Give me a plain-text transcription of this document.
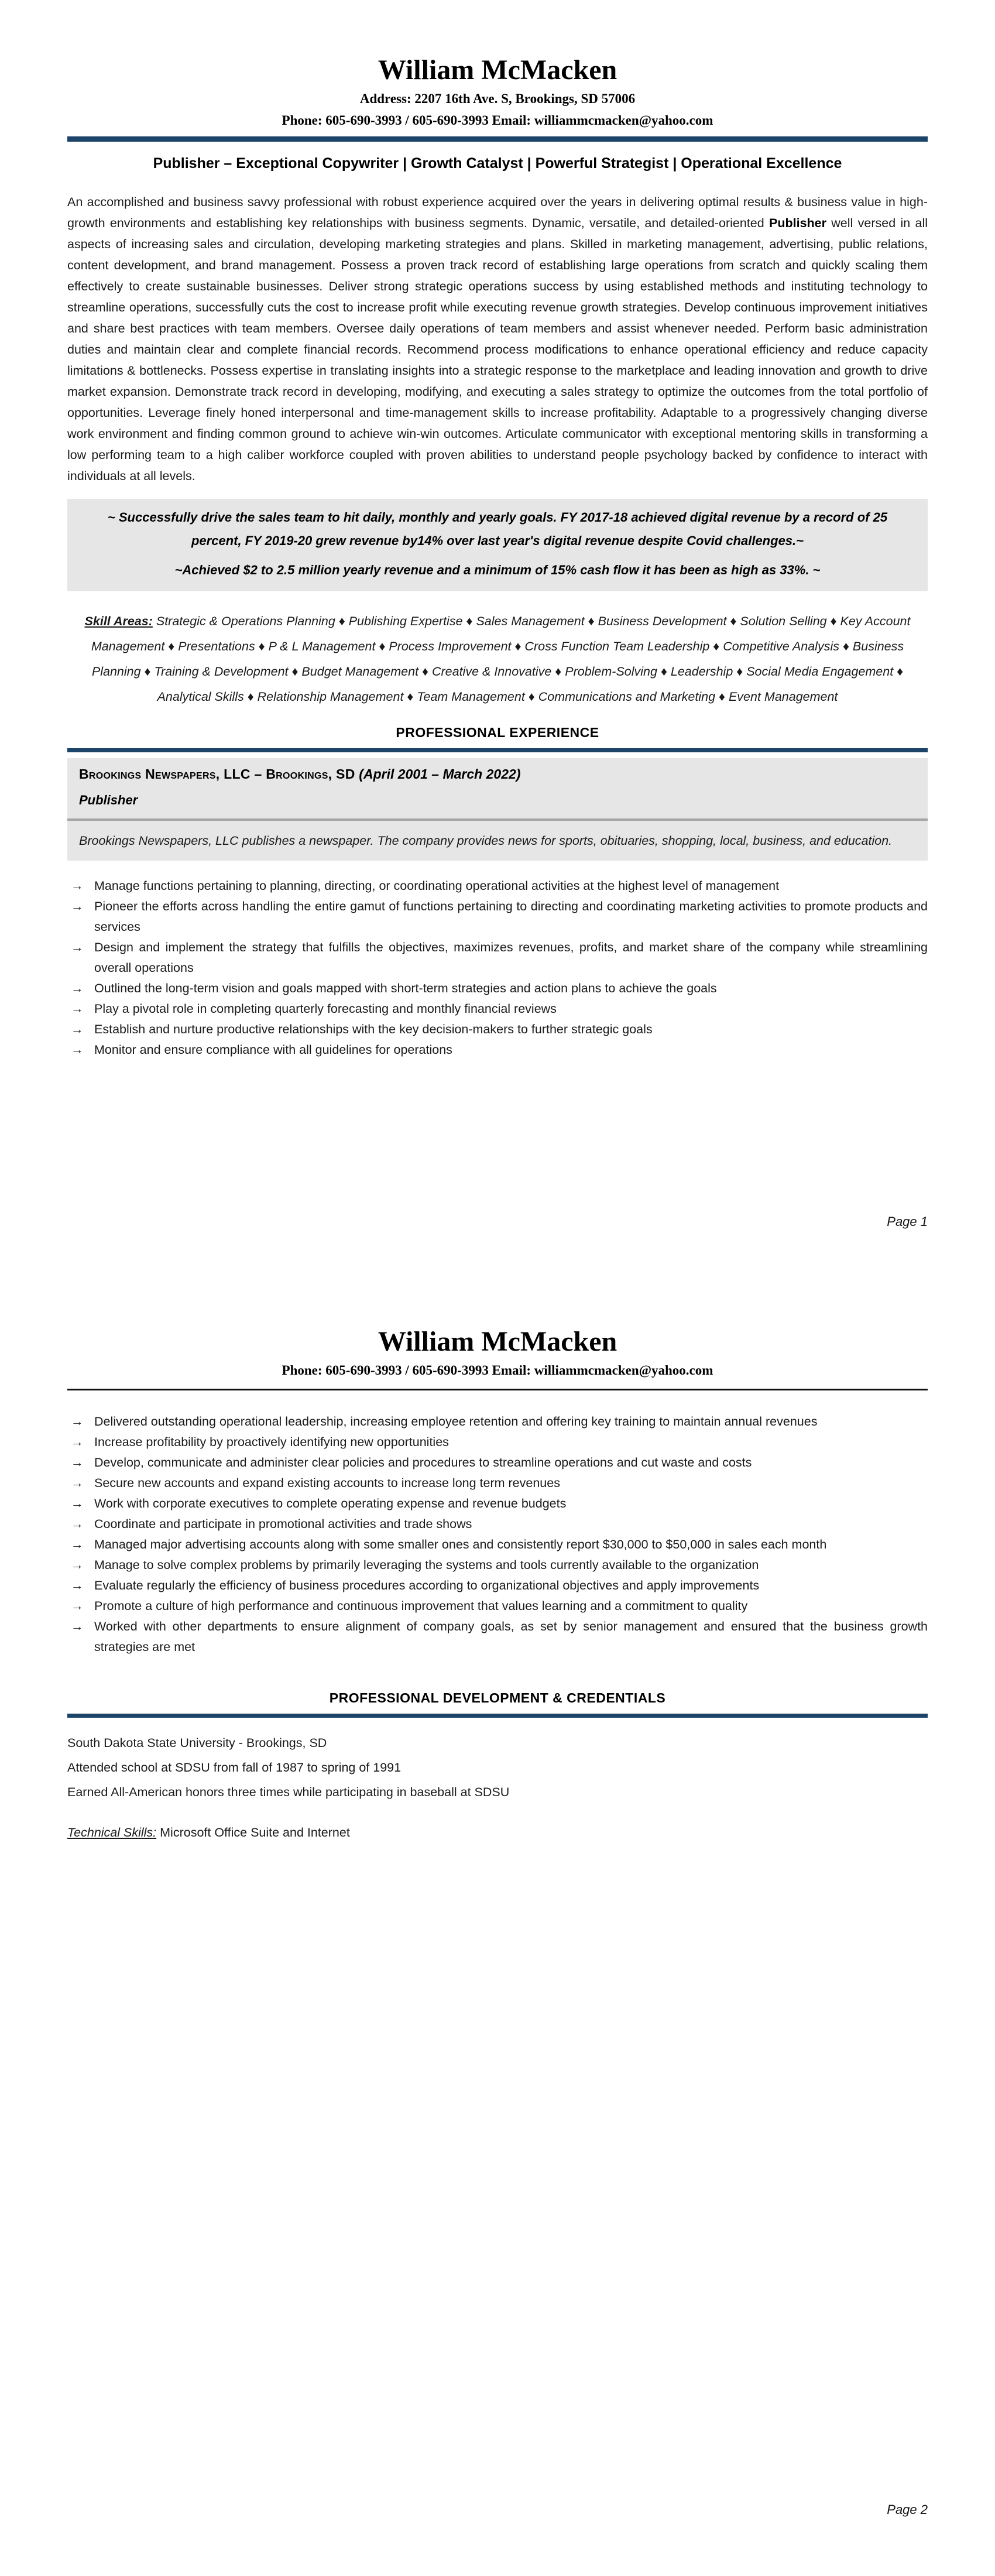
William McMacken
Address: 2207 16th Ave. S, Brookings, SD 57006
Phone: 605-690-3993 / 605-690-3993 Email: williammcmacken@yahoo.com
Publisher – Exceptional Copywriter | Growth Catalyst | Powerful Strategist | Operational Excellence

An accomplished and business savvy professional with robust experience acquired over the years in delivering optimal results & business value in high-growth environments and establishing key relationships with business segments. Dynamic, versatile, and detailed-oriented Publisher well versed in all aspects of increasing sales and circulation, developing marketing strategies and plans. Skilled in marketing management, advertising, public relations, content development, and brand management. Possess a proven track record of establishing large operations from scratch and quickly scaling them effectively to create sustainable businesses. Deliver strong strategic operations success by using established methods and instituting technology to streamline operations, successfully cuts the cost to increase profit while executing revenue growth strategies. Develop continuous improvement initiatives and share best practices with team members. Oversee daily operations of team members and assist whenever needed. Perform basic administration duties and maintain clear and complete financial records. Recommend process modifications to enhance operational efficiency and reduce capacity limitations & bottlenecks. Possess expertise in translating insights into a strategic response to the marketplace and leading innovation and growth to drive market expansion. Demonstrate track record in developing, modifying, and executing a sales strategy to optimize the outcomes from the total portfolio of opportunities. Leverage finely honed interpersonal and time-management skills to increase profitability. Adaptable to a progressively changing diverse work environment and finding common ground to achieve win-win outcomes. Articulate communicator with exceptional mentoring skills in transforming a low performing team to a high caliber workforce coupled with proven abilities to understand people psychology backed by confidence to interact with individuals at all levels.

~ Successfully drive the sales team to hit daily, monthly and yearly goals. FY 2017-18 achieved digital revenue by a record of 25 percent, FY 2019-20 grew revenue by14% over last year's digital revenue despite Covid challenges.~

~Achieved $2 to 2.5 million yearly revenue and a minimum of 15% cash flow it has been as high as 33%. ~

Skill Areas: Strategic & Operations Planning ♦ Publishing Expertise ♦ Sales Management ♦ Business Development ♦ Solution Selling ♦ Key Account Management ♦ Presentations ♦ P & L Management ♦ Process Improvement ♦ Cross Function Team Leadership ♦ Competitive Analysis ♦ Business Planning ♦ Training & Development ♦ Budget Management ♦ Creative & Innovative ♦ Problem-Solving ♦ Leadership ♦ Social Media Engagement ♦ Analytical Skills ♦ Relationship Management ♦ Team Management ♦ Communications and Marketing ♦ Event Management
PROFESSIONAL EXPERIENCE
Brookings Newspapers, LLC – Brookings, SD (April 2001 – March 2022)
Publisher
Brookings Newspapers, LLC publishes a newspaper. The company provides news for sports, obituaries, shopping, local, business, and education.
→ Manage functions pertaining to planning, directing, or coordinating operational activities at the highest level of management
→ Pioneer the efforts across handling the entire gamut of functions pertaining to directing and coordinating marketing activities to promote products and services
→ Design and implement the strategy that fulfills the objectives, maximizes revenues, profits, and market share of the company while streamlining overall operations
→ Outlined the long-term vision and goals mapped with short-term strategies and action plans to achieve the goals
→ Play a pivotal role in completing quarterly forecasting and monthly financial reviews
→ Establish and nurture productive relationships with the key decision-makers to further strategic goals
→ Monitor and ensure compliance with all guidelines for operations
Page 1
William McMacken
Phone: 605-690-3993 / 605-690-3993 Email: williammcmacken@yahoo.com
→ Delivered outstanding operational leadership, increasing employee retention and offering key training to maintain annual revenues
→ Increase profitability by proactively identifying new opportunities
→ Develop, communicate and administer clear policies and procedures to streamline operations and cut waste and costs
→ Secure new accounts and expand existing accounts to increase long term revenues
→ Work with corporate executives to complete operating expense and revenue budgets
→ Coordinate and participate in promotional activities and trade shows
→ Managed major advertising accounts along with some smaller ones and consistently report $30,000 to $50,000 in sales each month
→ Manage to solve complex problems by primarily leveraging the systems and tools currently available to the organization
→ Evaluate regularly the efficiency of business procedures according to organizational objectives and apply improvements
→ Promote a culture of high performance and continuous improvement that values learning and a commitment to quality
→ Worked with other departments to ensure alignment of company goals, as set by senior management and ensured that the business growth strategies are met
PROFESSIONAL DEVELOPMENT & CREDENTIALS
South Dakota State University - Brookings, SD
Attended school at SDSU from fall of 1987 to spring of 1991
Earned All-American honors three times while participating in baseball at SDSU
Technical Skills: Microsoft Office Suite and Internet
Page 2
